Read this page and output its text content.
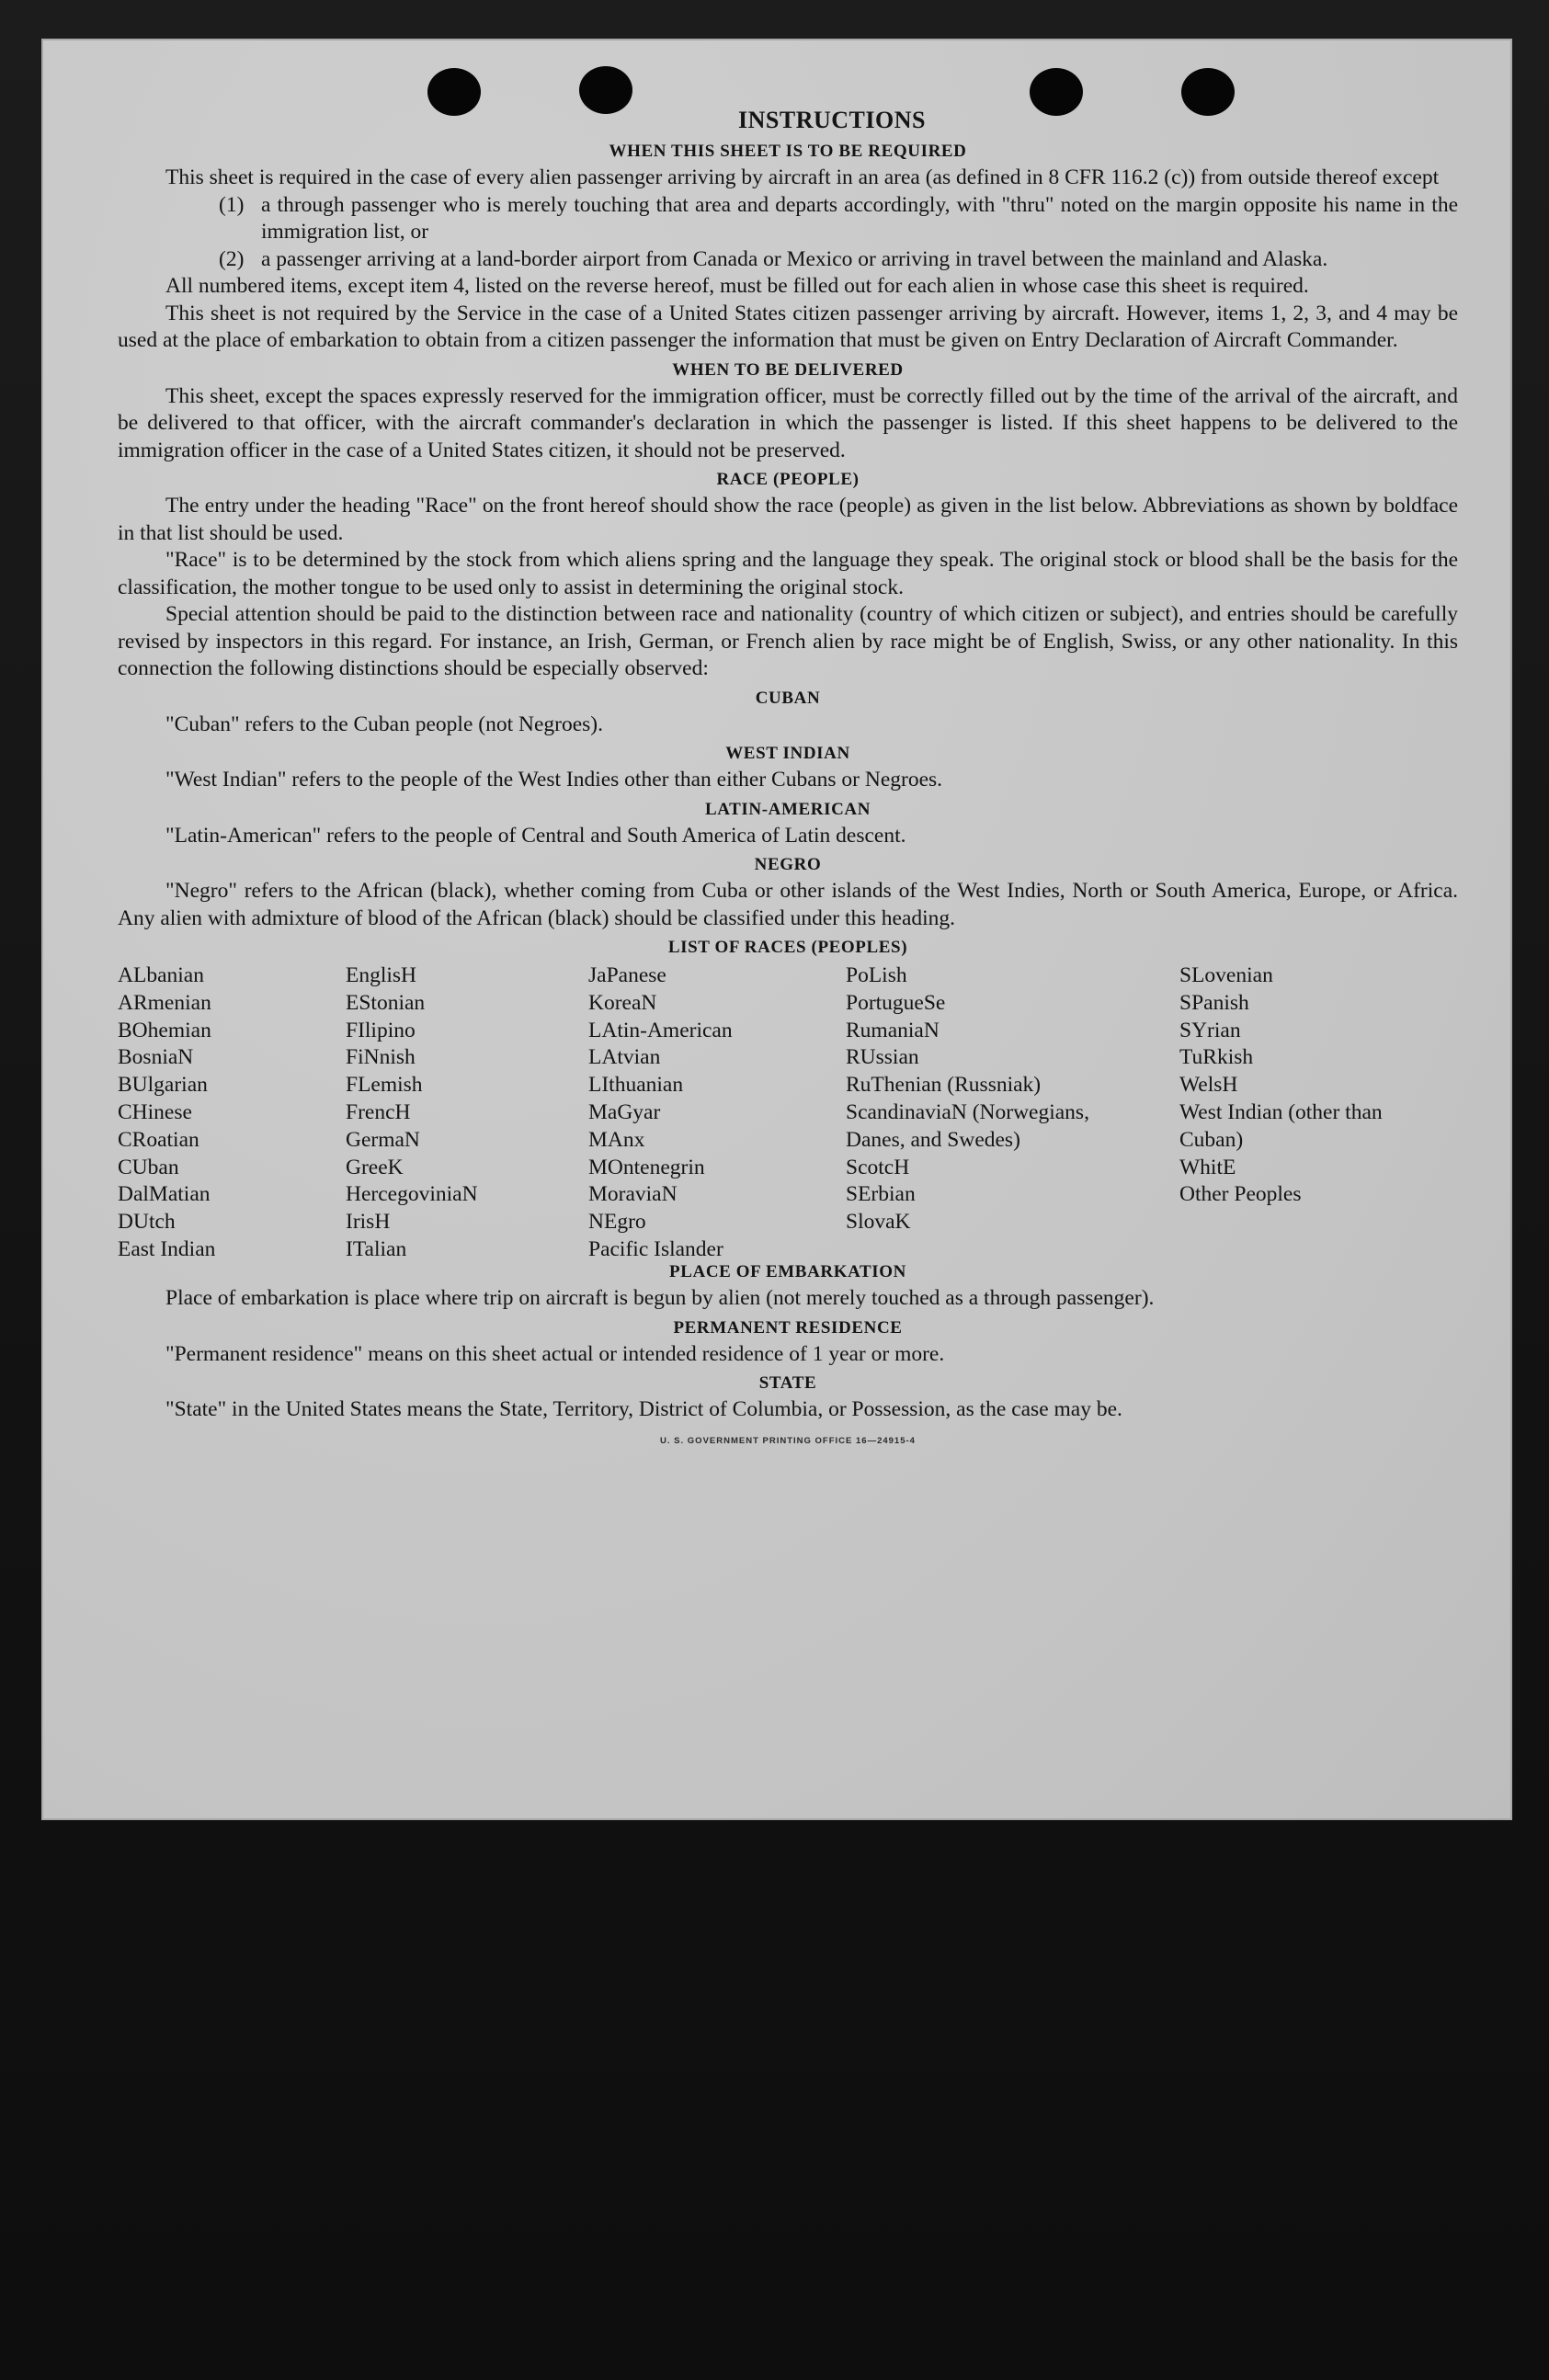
INSTRUCTIONS
WHEN THIS SHEET IS TO BE REQUIRED

This sheet is required in the case of every alien passenger arriving by aircraft in an area (as defined in 8 CFR 116.2 (c)) from outside thereof except

(1) a through passenger who is merely touching that area and departs accordingly, with "thru" noted on the margin opposite his name in the immigration list, or
(2) a passenger arriving at a land-border airport from Canada or Mexico or arriving in travel between the mainland and Alaska.

All numbered items, except item 4, listed on the reverse hereof, must be filled out for each alien in whose case this sheet is required.

This sheet is not required by the Service in the case of a United States citizen passenger arriving by aircraft. However, items 1, 2, 3, and 4 may be used at the place of embarkation to obtain from a citizen passenger the information that must be given on Entry Declaration of Aircraft Commander.

WHEN TO BE DELIVERED

This sheet, except the spaces expressly reserved for the immigration officer, must be correctly filled out by the time of the arrival of the aircraft, and be delivered to that officer, with the aircraft commander's declaration in which the passenger is listed. If this sheet happens to be delivered to the immigration officer in the case of a United States citizen, it should not be preserved.

RACE (PEOPLE)

The entry under the heading "Race" on the front hereof should show the race (people) as given in the list below. Abbreviations as shown by boldface in that list should be used.

"Race" is to be determined by the stock from which aliens spring and the language they speak. The original stock or blood shall be the basis for the classification, the mother tongue to be used only to assist in determining the original stock.

Special attention should be paid to the distinction between race and nationality (country of which citizen or subject), and entries should be carefully revised by inspectors in this regard. For instance, an Irish, German, or French alien by race might be of English, Swiss, or any other nationality. In this connection the following distinctions should be especially observed:

CUBAN

"Cuban" refers to the Cuban people (not Negroes).

WEST INDIAN

"West Indian" refers to the people of the West Indies other than either Cubans or Negroes.

LATIN-AMERICAN

"Latin-American" refers to the people of Central and South America of Latin descent.

NEGRO

"Negro" refers to the African (black), whether coming from Cuba or other islands of the West Indies, North or South America, Europe, or Africa. Any alien with admixture of blood of the African (black) should be classified under this heading.

LIST OF RACES (PEOPLES)
ALbanian
ARmenian
BOhemian
BosniaN
BUlgarian
CHinese
CRoatian
CUban
DalMatian
DUtch
East Indian
EnglisH
EStonian
FIlipino
FiNnish
FLemish
FrencH
GermaN
GreeK
HercegoviniaN
IrisH
ITalian
JaPanese
KoreaN
LAtin-American
LAtvian
LIthuanian
MaGyar
MAnx
MOntenegrin
MoraviaN
NEgro
Pacific Islander
PoLish
PortugueSe
RumaniaN
RUssian
RuThenian (Russniak)
ScandinaviaN (Norwegians, Danes, and Swedes)
ScotcH
SErbian
SlovaK
SLovenian
SPanish
SYrian
TuRkish
WelsH
West Indian (other than Cuban)
WhitE
Other Peoples
PLACE OF EMBARKATION

Place of embarkation is place where trip on aircraft is begun by alien (not merely touched as a through passenger).

PERMANENT RESIDENCE

"Permanent residence" means on this sheet actual or intended residence of 1 year or more.

STATE

"State" in the United States means the State, Territory, District of Columbia, or Possession, as the case may be.

U. S. GOVERNMENT PRINTING OFFICE 16—24915-4
